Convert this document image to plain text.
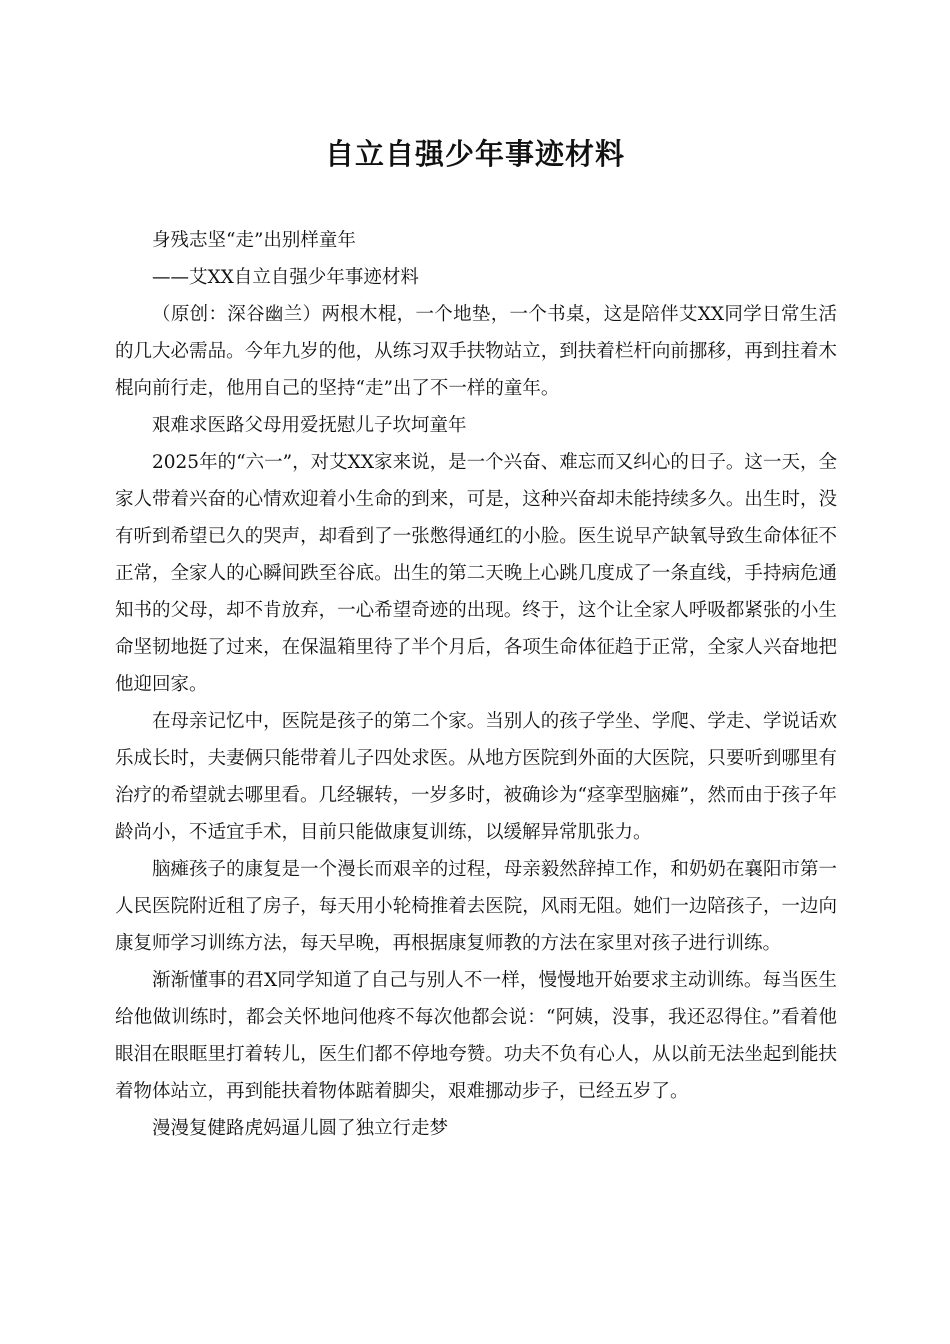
自立自强少年事迹材料

身残志坚“走”出别样童年

——艾XX自立自强少年事迹材料

（原创：深谷幽兰）两根木棍，一个地垫，一个书桌，这是陪伴艾XX同学日常生活的几大必需品。今年九岁的他，从练习双手扶物站立，到扶着栏杆向前挪移，再到拄着木棍向前行走，他用自己的坚持“走”出了不一样的童年。

艰难求医路父母用爱抚慰儿子坎坷童年

2025年的“六一”，对艾XX家来说，是一个兴奋、难忘而又纠心的日子。这一天，全家人带着兴奋的心情欢迎着小生命的到来，可是，这种兴奋却未能持续多久。出生时，没有听到希望已久的哭声，却看到了一张憋得通红的小脸。医生说早产缺氧导致生命体征不正常，全家人的心瞬间跌至谷底。出生的第二天晚上心跳几度成了一条直线，手持病危通知书的父母，却不肯放弃，一心希望奇迹的出现。终于，这个让全家人呼吸都紧张的小生命坚韧地挺了过来，在保温箱里待了半个月后，各项生命体征趋于正常，全家人兴奋地把他迎回家。

在母亲记忆中，医院是孩子的第二个家。当别人的孩子学坐、学爬、学走、学说话欢乐成长时，夫妻俩只能带着儿子四处求医。从地方医院到外面的大医院，只要听到哪里有治疗的希望就去哪里看。几经辗转，一岁多时，被确诊为“痉挛型脑瘫”，然而由于孩子年龄尚小，不适宜手术，目前只能做康复训练，以缓解异常肌张力。

脑瘫孩子的康复是一个漫长而艰辛的过程，母亲毅然辞掉工作，和奶奶在襄阳市第一人民医院附近租了房子，每天用小轮椅推着去医院，风雨无阻。她们一边陪孩子，一边向康复师学习训练方法，每天早晚，再根据康复师教的方法在家里对孩子进行训练。

渐渐懂事的君X同学知道了自己与别人不一样，慢慢地开始要求主动训练。每当医生给他做训练时，都会关怀地问他疼不每次他都会说：“阿姨，没事，我还忍得住。”看着他眼泪在眼眶里打着转儿，医生们都不停地夸赞。功夫不负有心人，从以前无法坐起到能扶着物体站立，再到能扶着物体踮着脚尖，艰难挪动步子，已经五岁了。

漫漫复健路虎妈逼儿圆了独立行走梦
